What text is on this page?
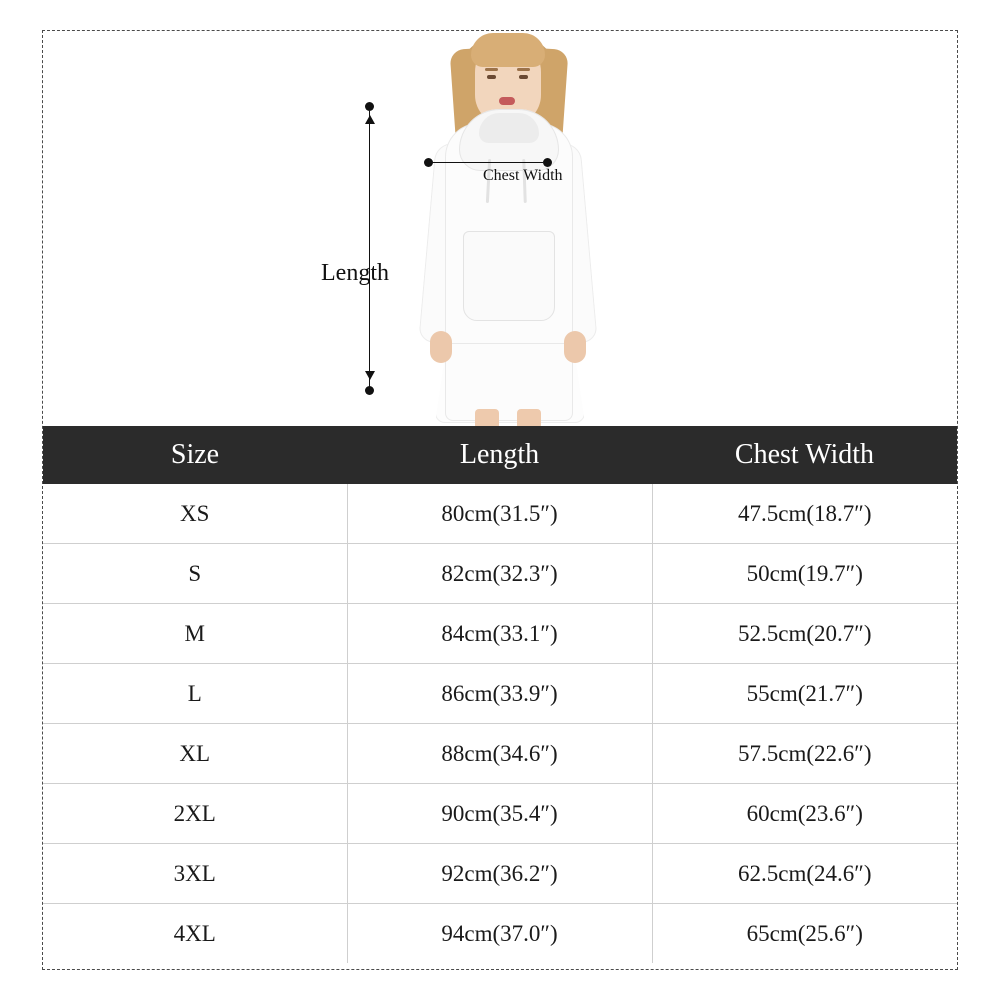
Length
Chest Width
Size	Length	Chest Width
XS	80cm(31.5″)	47.5cm(18.7″)
S	82cm(32.3″)	50cm(19.7″)
M	84cm(33.1″)	52.5cm(20.7″)
L	86cm(33.9″)	55cm(21.7″)
XL	88cm(34.6″)	57.5cm(22.6″)
2XL	90cm(35.4″)	60cm(23.6″)
3XL	92cm(36.2″)	62.5cm(24.6″)
4XL	94cm(37.0″)	65cm(25.6″)
